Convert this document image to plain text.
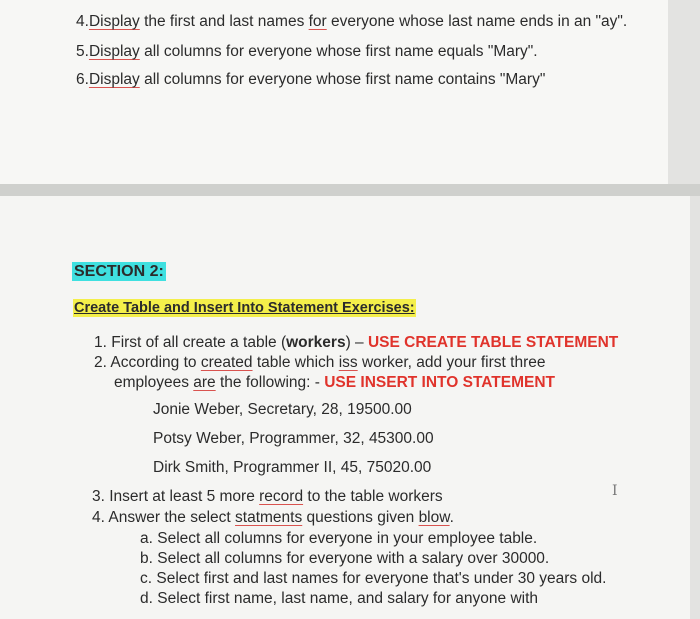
4.Display the first and last names for everyone whose last name ends in an "ay".
5.Display all columns for everyone whose first name equals "Mary".
6.Display all columns for everyone whose first name contains "Mary"
SECTION 2:
Create Table and Insert Into Statement Exercises:
1. First of all create a table (workers) – USE CREATE TABLE STATEMENT
2. According to created table which iss worker, add your first three
employees are the following: - USE INSERT INTO STATEMENT
Jonie Weber, Secretary, 28, 19500.00
Potsy Weber, Programmer, 32, 45300.00
Dirk Smith, Programmer II, 45, 75020.00
3. Insert at least 5 more record to the table workers
4. Answer the select statments questions given blow.
a. Select all columns for everyone in your employee table.
b. Select all columns for everyone with a salary over 30000.
c. Select first and last names for everyone that's under 30 years old.
d. Select first name, last name, and salary for anyone with
I
